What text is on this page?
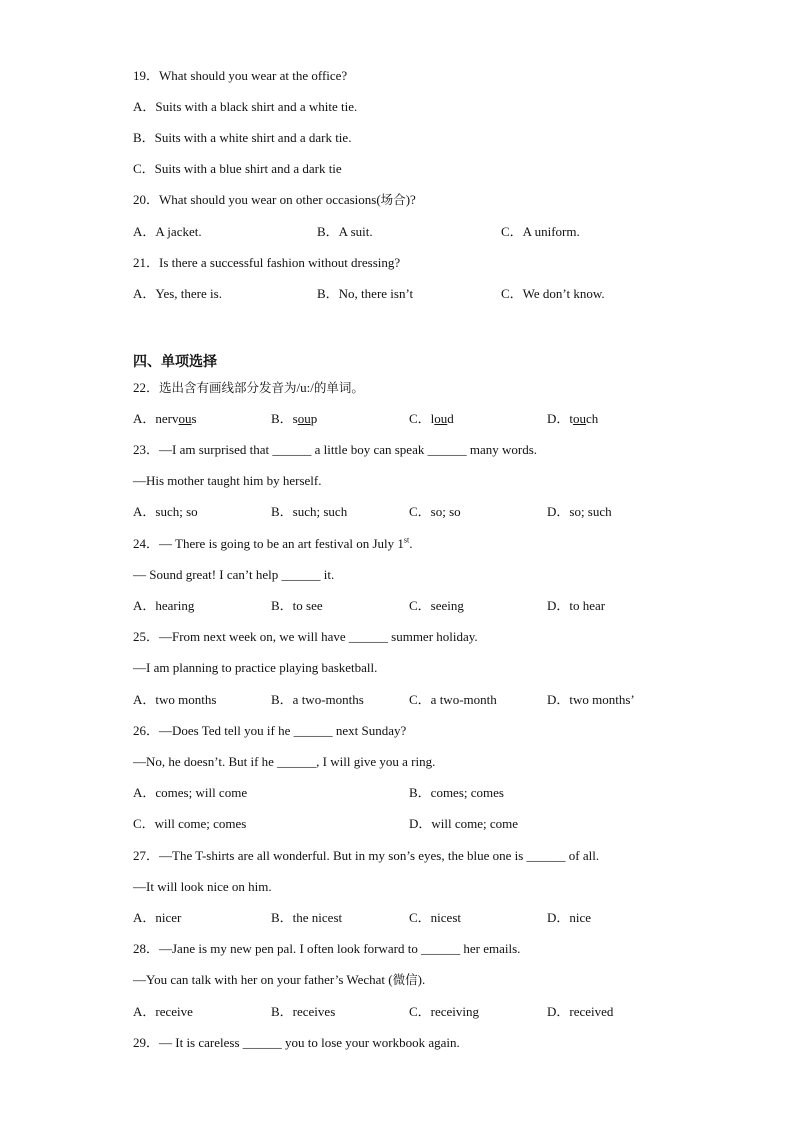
19．What should you wear at the office?
A．Suits with a black shirt and a white tie.
B．Suits with a white shirt and a dark tie.
C．Suits with a blue shirt and a dark tie
20．What should you wear on other occasions(场合)?
A．A jacket.	B．A suit.	C．A uniform.
21．Is there a successful fashion without dressing?
A．Yes, there is.	B．No, there isn’t	C．We don’t know.
四、单项选择
22．选出含有画线部分发音为/u:/的单词。
A．nervous	B．soup	C．loud	D．touch
23．—I am surprised that ______ a little boy can speak ______ many words.
—His mother taught him by herself.
A．such; so	B．such; such	C．so; so	D．so; such
24．— There is going to be an art festival on July 1st.
— Sound great! I can’t help ______ it.
A．hearing	B．to see	C．seeing	D．to hear
25．—From next week on, we will have ______ summer holiday.
—I am planning to practice playing basketball.
A．two months	B．a two-months	C．a two-month	D．two months’
26．—Does Ted tell you if he ______ next Sunday?
—No, he doesn’t. But if he ______, I will give you a ring.
A．comes; will come	B．comes; comes
C．will come; comes	D．will come; come
27．—The T-shirts are all wonderful. But in my son’s eyes, the blue one is ______ of all.
—It will look nice on him.
A．nicer	B．the nicest	C．nicest	D．nice
28．—Jane is my new pen pal. I often look forward to ______ her emails.
—You can talk with her on your father’s Wechat (微信).
A．receive	B．receives	C．receiving	D．received
29．— It is careless ______ you to lose your workbook again.
